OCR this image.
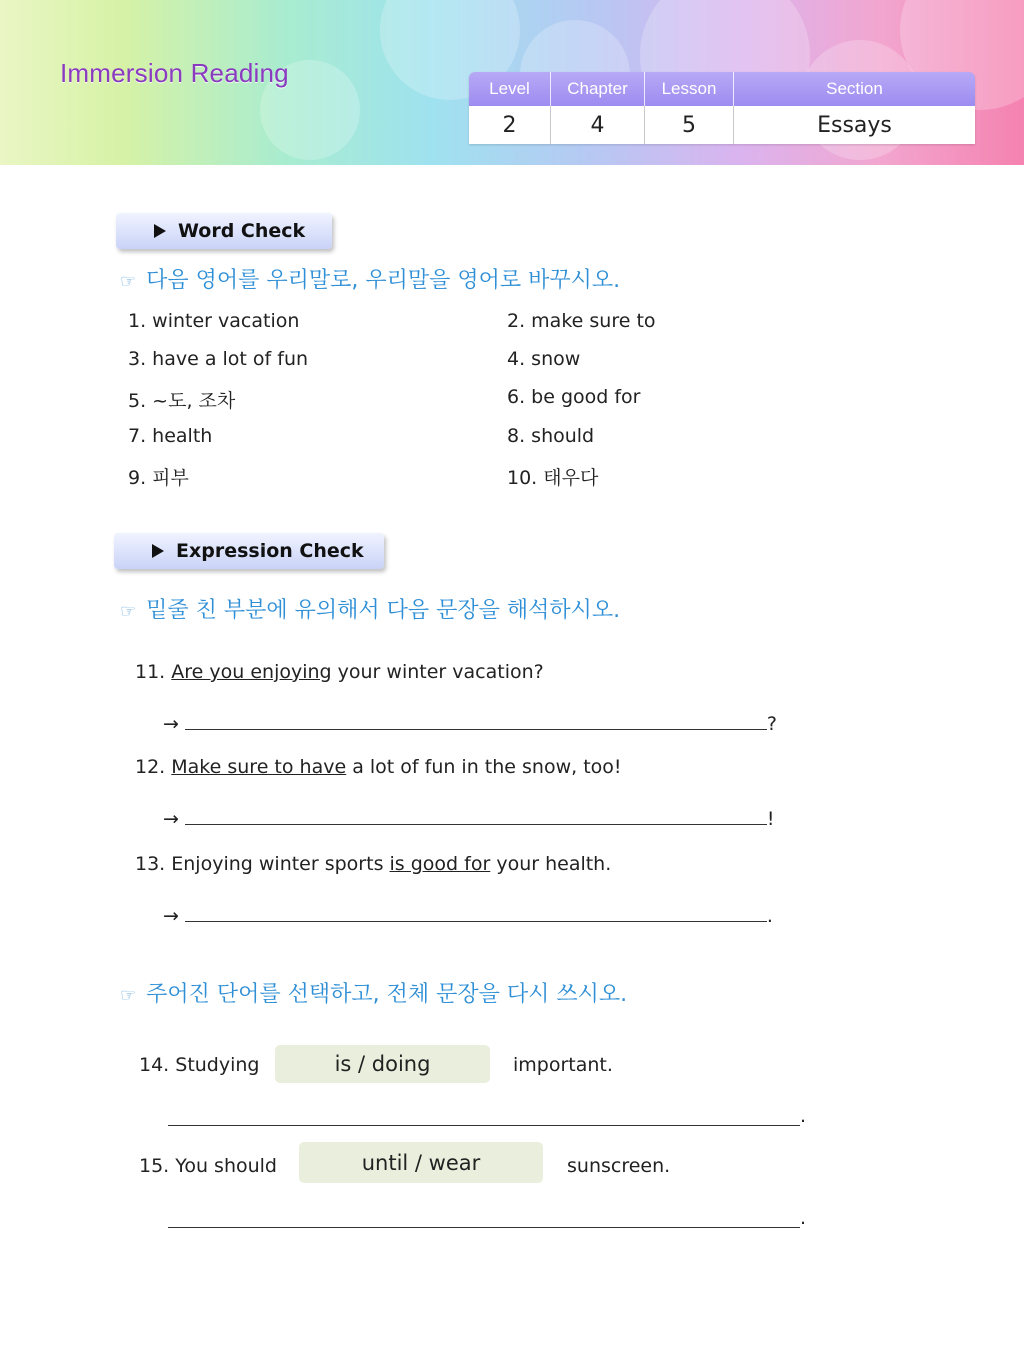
Immersion Reading
Level	Chapter	Lesson	Section
2	4	5	Essays
Word Check
☞ 다음 영어를 우리말로, 우리말을 영어로 바꾸시오.
1. winter vacation	2. make sure to
3. have a lot of fun	4. snow
5. ~도, 조차	6. be good for
7. health	8. should
9. 피부	10. 태우다
Expression Check
☞ 밑줄 친 부분에 유의해서 다음 문장을 해석하시오.
11. Are you enjoying your winter vacation?
→	?
12. Make sure to have a lot of fun in the snow, too!
→	!
13. Enjoying winter sports is good for your health.
→	.
☞ 주어진 단어를 선택하고, 전체 문장을 다시 쓰시오.
14. Studying	is / doing	important.
.
15. You should	until / wear	sunscreen.
.
